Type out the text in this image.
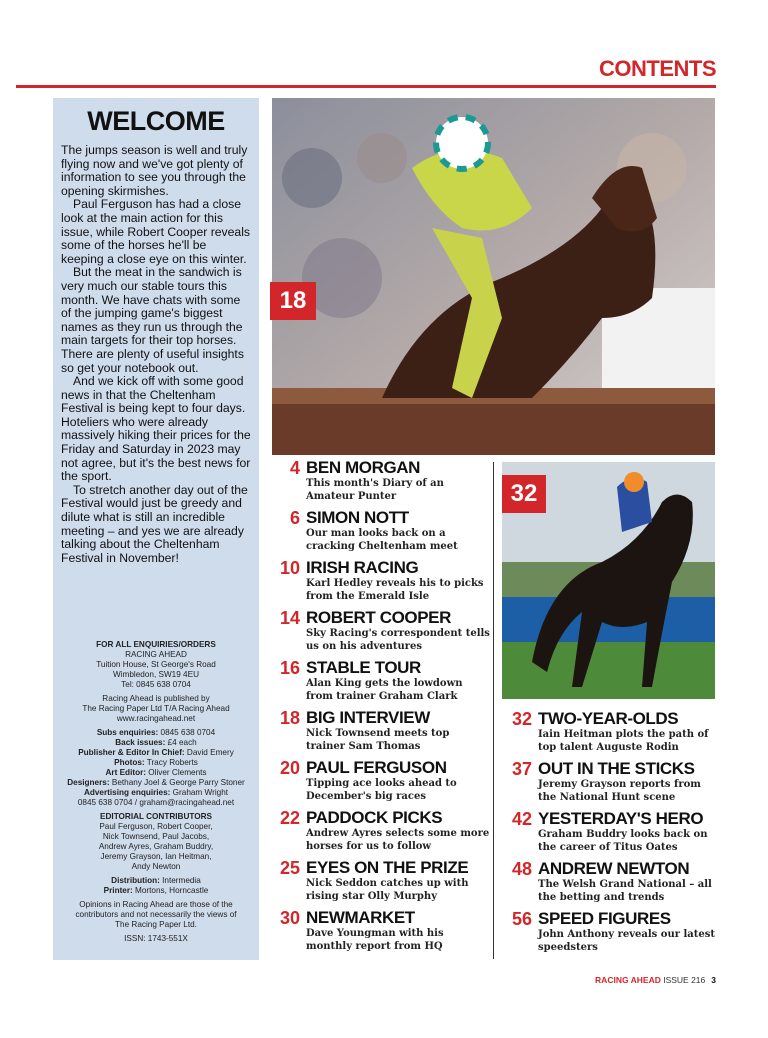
CONTENTS
WELCOME

The jumps season is well and truly flying now and we've got plenty of information to see you through the opening skirmishes.

Paul Ferguson has had a close look at the main action for this issue, while Robert Cooper reveals some of the horses he'll be keeping a close eye on this winter.

But the meat in the sandwich is very much our stable tours this month. We have chats with some of the jumping game's biggest names as they run us through the main targets for their top horses. There are plenty of useful insights so get your notebook out.

And we kick off with some good news in that the Cheltenham Festival is being kept to four days. Hoteliers who were already massively hiking their prices for the Friday and Saturday in 2023 may not agree, but it's the best news for the sport.

To stretch another day out of the Festival would just be greedy and dilute what is still an incredible meeting – and yes we are already talking about the Cheltenham Festival in November!

FOR ALL ENQUIRIES/ORDERS
RACING AHEAD
Tuition House, St George's Road
Wimbledon, SW19 4EU
Tel: 0845 638 0704
Racing Ahead is published by
The Racing Paper Ltd T/A Racing Ahead
www.racingahead.net
Subs enquiries: 0845 638 0704
Back issues: £4 each
Publisher & Editor In Chief: David Emery
Photos: Tracy Roberts
Art Editor: Oliver Clements
Designers: Bethany Joel & George Parry Stoner
Advertising enquiries: Graham Wright
0845 638 0704 / graham@racingahead.net
EDITORIAL CONTRIBUTORS
Paul Ferguson, Robert Cooper,
Nick Townsend, Paul Jacobs,
Andrew Ayres, Graham Buddry,
Jeremy Grayson, Ian Heitman,
Andy Newton
Distribution: Intermedia
Printer: Mortons, Horncastle
Opinions in Racing Ahead are those of the
contributors and not necessarily the views of
The Racing Paper Ltd.
ISSN: 1743-551X
18
32
4 BEN MORGAN
This month's Diary of an Amateur Punter
6 SIMON NOTT
Our man looks back on a cracking Cheltenham meet
10 IRISH RACING
Karl Hedley reveals his to picks from the Emerald Isle
14 ROBERT COOPER
Sky Racing's correspondent tells us on his adventures
16 STABLE TOUR
Alan King gets the lowdown from trainer Graham Clark
18 BIG INTERVIEW
Nick Townsend meets top trainer Sam Thomas
20 PAUL FERGUSON
Tipping ace looks ahead to December's big races
22 PADDOCK PICKS
Andrew Ayres selects some more horses for us to follow
25 EYES ON THE PRIZE
Nick Seddon catches up with rising star Olly Murphy
30 NEWMARKET
Dave Youngman with his monthly report from HQ
32 TWO-YEAR-OLDS
Iain Heitman plots the path of top talent Auguste Rodin
37 OUT IN THE STICKS
Jeremy Grayson reports from the National Hunt scene
42 YESTERDAY'S HERO
Graham Buddry looks back on the career of Titus Oates
48 ANDREW NEWTON
The Welsh Grand National – all the betting and trends
56 SPEED FIGURES
John Anthony reveals our latest speedsters
RACING AHEAD ISSUE 216 3
